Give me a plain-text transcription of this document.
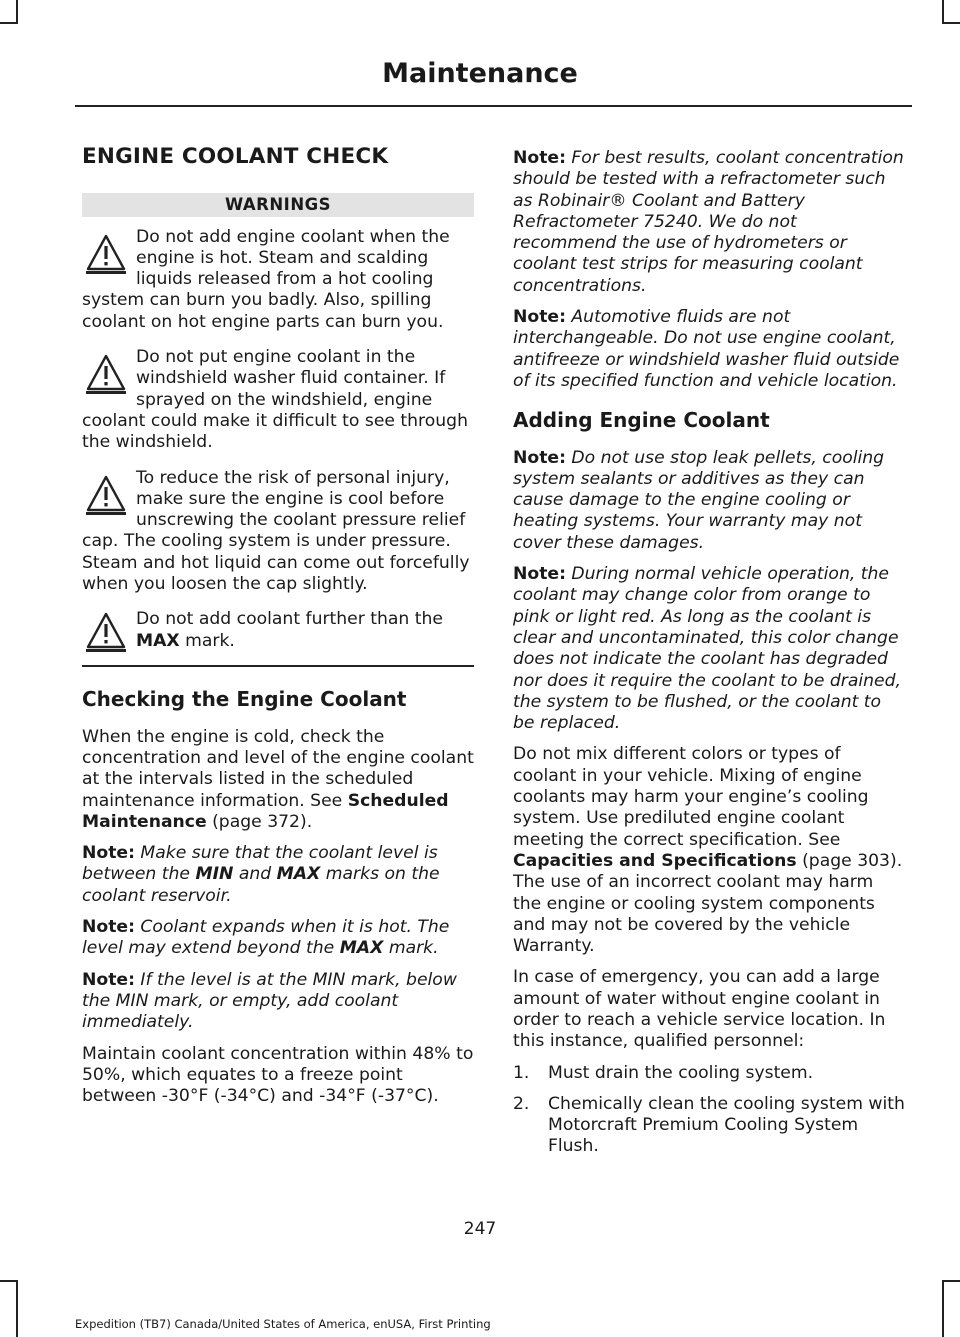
Maintenance
ENGINE COOLANT CHECK
WARNINGS
Do not add engine coolant when the engine is hot. Steam and scalding liquids released from a hot cooling system can burn you badly. Also, spilling coolant on hot engine parts can burn you.
Do not put engine coolant in the windshield washer fluid container. If sprayed on the windshield, engine coolant could make it difficult to see through the windshield.
To reduce the risk of personal injury, make sure the engine is cool before unscrewing the coolant pressure relief cap. The cooling system is under pressure. Steam and hot liquid can come out forcefully when you loosen the cap slightly.
Do not add coolant further than the MAX mark.
Checking the Engine Coolant

When the engine is cold, check the concentration and level of the engine coolant at the intervals listed in the scheduled maintenance information. See Scheduled Maintenance (page 372).

Note: Make sure that the coolant level is between the MIN and MAX marks on the coolant reservoir.

Note: Coolant expands when it is hot. The level may extend beyond the MAX mark.

Note: If the level is at the MIN mark, below the MIN mark, or empty, add coolant immediately.

Maintain coolant concentration within 48% to 50%, which equates to a freeze point between -30°F (-34°C) and -34°F (-37°C).

Note: For best results, coolant concentration should be tested with a refractometer such as Robinair® Coolant and Battery Refractometer 75240. We do not recommend the use of hydrometers or coolant test strips for measuring coolant concentrations.

Note: Automotive fluids are not interchangeable. Do not use engine coolant, antifreeze or windshield washer fluid outside of its specified function and vehicle location.

Adding Engine Coolant

Note: Do not use stop leak pellets, cooling system sealants or additives as they can cause damage to the engine cooling or heating systems. Your warranty may not cover these damages.

Note: During normal vehicle operation, the coolant may change color from orange to pink or light red. As long as the coolant is clear and uncontaminated, this color change does not indicate the coolant has degraded nor does it require the coolant to be drained, the system to be flushed, or the coolant to be replaced.

Do not mix different colors or types of coolant in your vehicle. Mixing of engine coolants may harm your engine’s cooling system. Use prediluted engine coolant meeting the correct specification. See Capacities and Specifications (page 303). The use of an incorrect coolant may harm the engine or cooling system components and may not be covered by the vehicle Warranty.

In case of emergency, you can add a large amount of water without engine coolant in order to reach a vehicle service location. In this instance, qualified personnel:

1. Must drain the cooling system.
2. Chemically clean the cooling system with Motorcraft Premium Cooling System Flush.
247
Expedition (TB7) Canada/United States of America, enUSA, First Printing
